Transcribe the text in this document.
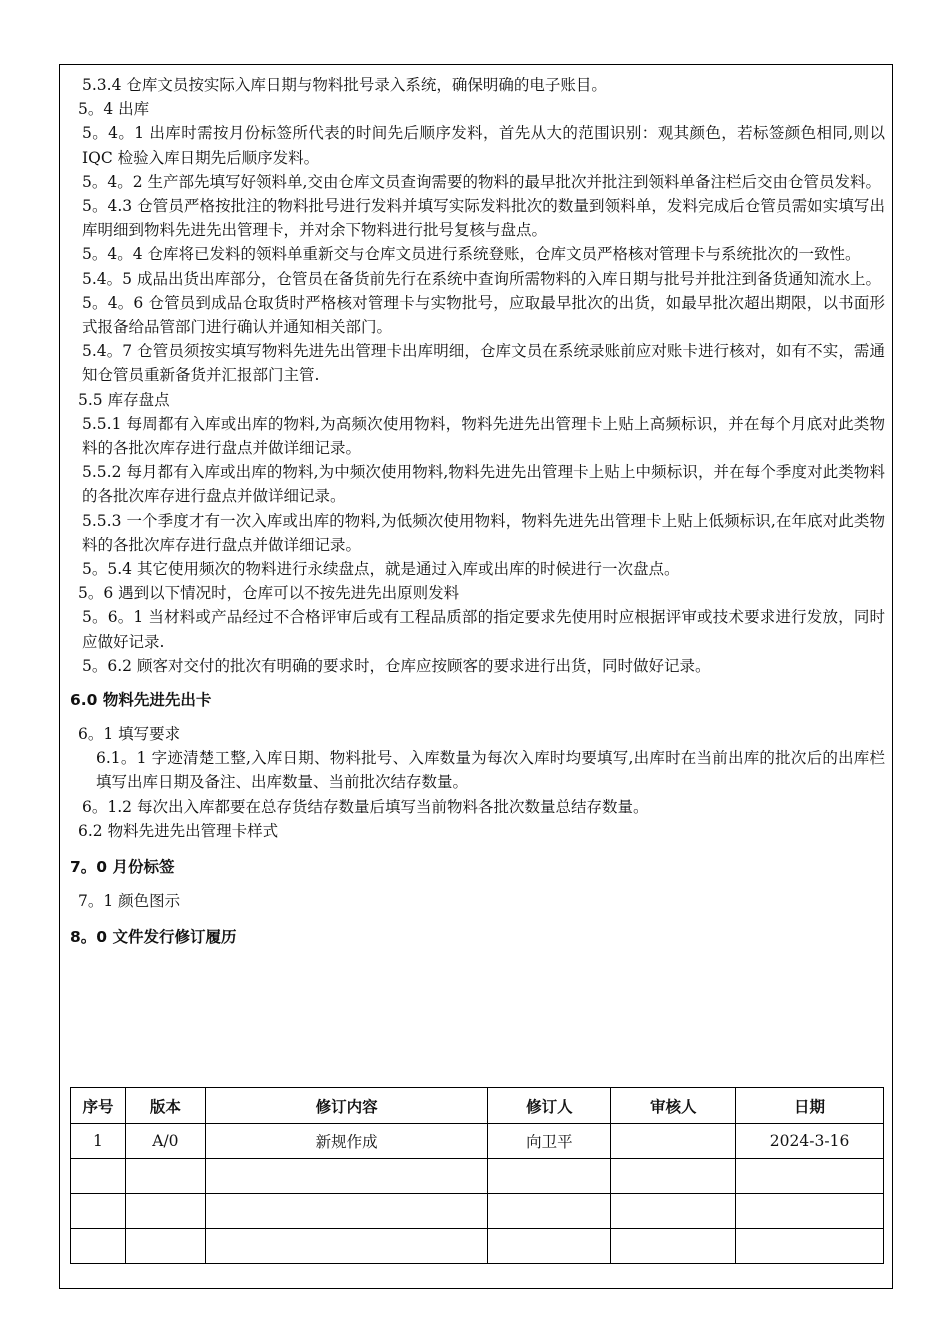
5.3.4 仓库文员按实际入库日期与物料批号录入系统，确保明确的电子账目。

5。4 出库

5。4。1 出库时需按月份标签所代表的时间先后顺序发料，首先从大的范围识别：观其颜色，若标签颜色相同,则以 IQC 检验入库日期先后顺序发料。

5。4。2 生产部先填写好领料单,交由仓库文员查询需要的物料的最早批次并批注到领料单备注栏后交由仓管员发料。

5。4.3 仓管员严格按批注的物料批号进行发料并填写实际发料批次的数量到领料单，发料完成后仓管员需如实填写出库明细到物料先进先出管理卡，并对余下物料进行批号复核与盘点。

5。4。4 仓库将已发料的领料单重新交与仓库文员进行系统登账，仓库文员严格核对管理卡与系统批次的一致性。

5.4。5 成品出货出库部分，仓管员在备货前先行在系统中查询所需物料的入库日期与批号并批注到备货通知流水上。

5。4。6 仓管员到成品仓取货时严格核对管理卡与实物批号，应取最早批次的出货，如最早批次超出期限，以书面形式报备给品管部门进行确认并通知相关部门。

5.4。7 仓管员须按实填写物料先进先出管理卡出库明细，仓库文员在系统录账前应对账卡进行核对，如有不实，需通知仓管员重新备货并汇报部门主管.

5.5 库存盘点

5.5.1 每周都有入库或出库的物料,为高频次使用物料，物料先进先出管理卡上贴上高频标识，并在每个月底对此类物料的各批次库存进行盘点并做详细记录。

5.5.2 每月都有入库或出库的物料,为中频次使用物料,物料先进先出管理卡上贴上中频标识，并在每个季度对此类物料的各批次库存进行盘点并做详细记录。

5.5.3 一个季度才有一次入库或出库的物料,为低频次使用物料，物料先进先出管理卡上贴上低频标识,在年底对此类物料的各批次库存进行盘点并做详细记录。

5。5.4 其它使用频次的物料进行永续盘点，就是通过入库或出库的时候进行一次盘点。

5。6 遇到以下情况时，仓库可以不按先进先出原则发料

5。6。1 当材料或产品经过不合格评审后或有工程品质部的指定要求先使用时应根据评审或技术要求进行发放，同时应做好记录.

5。6.2 顾客对交付的批次有明确的要求时，仓库应按顾客的要求进行出货，同时做好记录。

6.0 物料先进先出卡

6。1 填写要求

6.1。1 字迹清楚工整,入库日期、物料批号、入库数量为每次入库时均要填写,出库时在当前出库的批次后的出库栏填写出库日期及备注、出库数量、当前批次结存数量。

6。1.2 每次出入库都要在总存货结存数量后填写当前物料各批次数量总结存数量。

6.2 物料先进先出管理卡样式

7。0 月份标签

7。1 颜色图示

8。0 文件发行修订履历

序号	版本	修订内容	修订人	审核人	日期
1	A/0	新规作成	向卫平		2024-3-16
